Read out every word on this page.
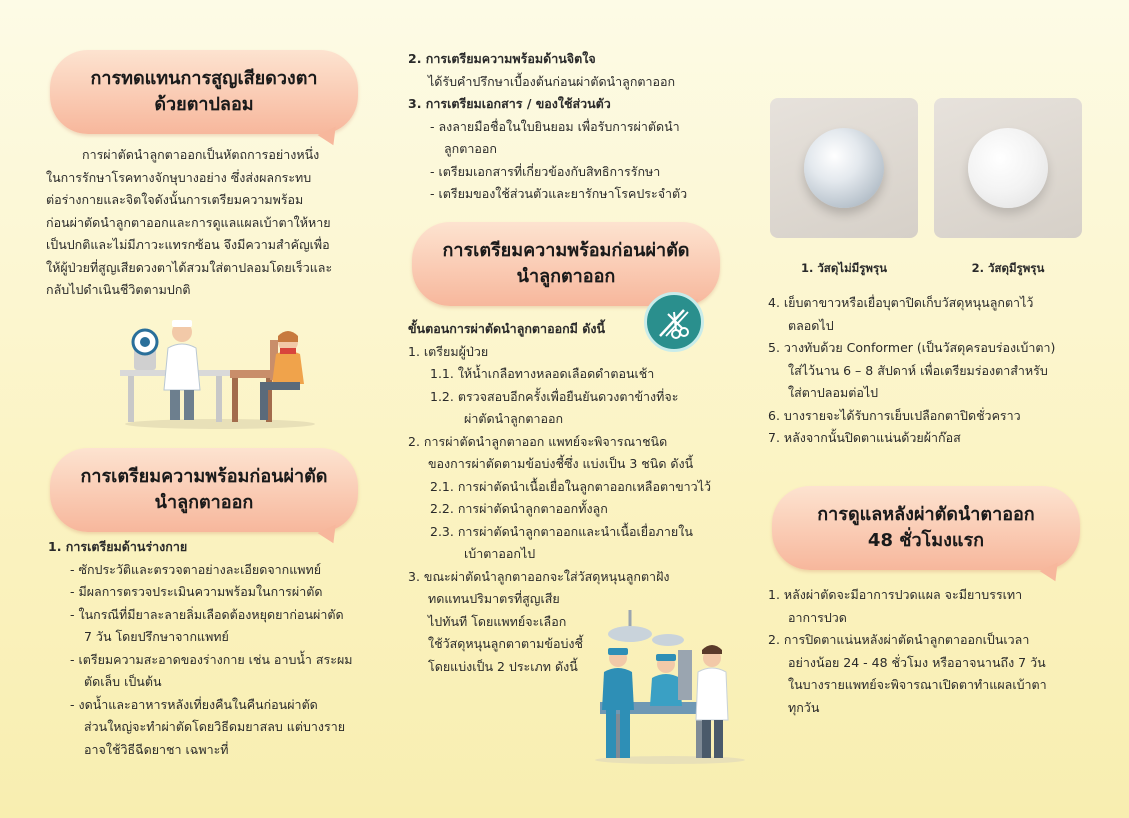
การทดแทนการสูญเสียดวงตา
ด้วยตาปลอม
การผ่าตัดนำลูกตาออกเป็นหัตถการอย่างหนึ่ง
ในการรักษาโรคทางจักษุบางอย่าง ซึ่งส่งผลกระทบ
ต่อร่างกายและจิตใจดังนั้นการเตรียมความพร้อม
ก่อนผ่าตัดนำลูกตาออกและการดูแลแผลเบ้าตาให้หาย
เป็นปกติและไม่มีภาวะแทรกซ้อน จึงมีความสำคัญเพื่อ
ให้ผู้ป่วยที่สูญเสียดวงตาได้สวมใส่ตาปลอมโดยเร็วและ
กลับไปดำเนินชีวิตตามปกติ
การเตรียมความพร้อมก่อนผ่าตัด
นำลูกตาออก
1. การเตรียมด้านร่างกาย
- ซักประวัติและตรวจตาอย่างละเอียดจากแพทย์
- มีผลการตรวจประเมินความพร้อมในการผ่าตัด
- ในกรณีที่มียาละลายลิ่มเลือดต้องหยุดยาก่อนผ่าตัด
7 วัน โดยปรึกษาจากแพทย์
- เตรียมความสะอาดของร่างกาย เช่น อาบน้ำ สระผม
ตัดเล็บ เป็นต้น
- งดน้ำและอาหารหลังเที่ยงคืนในคืนก่อนผ่าตัด
ส่วนใหญ่จะทำผ่าตัดโดยวิธีดมยาสลบ แต่บางราย
อาจใช้วิธีฉีดยาชา เฉพาะที่
2. การเตรียมความพร้อมด้านจิตใจ
ได้รับคำปรึกษาเบื้องต้นก่อนผ่าตัดนำลูกตาออก
3. การเตรียมเอกสาร / ของใช้ส่วนตัว
- ลงลายมือชื่อในใบยินยอม เพื่อรับการผ่าตัดนำ
ลูกตาออก
- เตรียมเอกสารที่เกี่ยวข้องกับสิทธิการรักษา
- เตรียมของใช้ส่วนตัวและยารักษาโรคประจำตัว
การเตรียมความพร้อมก่อนผ่าตัด
นำลูกตาออก
ขั้นตอนการผ่าตัดนำลูกตาออกมี ดังนี้
1. เตรียมผู้ป่วย
1.1. ให้น้ำเกลือทางหลอดเลือดดำตอนเช้า
1.2. ตรวจสอบอีกครั้งเพื่อยืนยันดวงตาข้างที่จะ
ผ่าตัดนำลูกตาออก
2. การผ่าตัดนำลูกตาออก แพทย์จะพิจารณาชนิด
ของการผ่าตัดตามข้อบ่งชี้ซึ่ง แบ่งเป็น 3 ชนิด ดังนี้
2.1. การผ่าตัดนำเนื้อเยื่อในลูกตาออกเหลือตาขาวไว้
2.2. การผ่าตัดนำลูกตาออกทั้งลูก
2.3. การผ่าตัดนำลูกตาออกและนำเนื้อเยื่อภายใน
เบ้าตาออกไป
3. ขณะผ่าตัดนำลูกตาออกจะใส่วัสดุหนุนลูกตาฝัง
ทดแทนปริมาตรที่สูญเสีย
ไปทันที โดยแพทย์จะเลือก
ใช้วัสดุหนุนลูกตาตามข้อบ่งชี้
โดยแบ่งเป็น 2 ประเภท ดังนี้
1. วัสดุไม่มีรูพรุน	2. วัสดุมีรูพรุน
4. เย็บตาขาวหรือเยื่อบุตาปิดเก็บวัสดุหนุนลูกตาไว้
ตลอดไป
5. วางทับด้วย Conformer (เป็นวัสดุครอบร่องเบ้าตา)
ใส่ไว้นาน 6 – 8 สัปดาห์ เพื่อเตรียมร่องตาสำหรับ
ใส่ตาปลอมต่อไป
6. บางรายจะได้รับการเย็บเปลือกตาปิดชั่วคราว
7. หลังจากนั้นปิดตาแน่นด้วยผ้าก๊อส
การดูแลหลังผ่าตัดนำตาออก
48 ชั่วโมงแรก
1. หลังผ่าตัดจะมีอาการปวดแผล จะมียาบรรเทา
อาการปวด
2. การปิดตาแน่นหลังผ่าตัดนำลูกตาออกเป็นเวลา
อย่างน้อย 24 - 48 ชั่วโมง หรืออาจนานถึง 7 วัน
ในบางรายแพทย์จะพิจารณาเปิดตาทำแผลเบ้าตา
ทุกวัน
